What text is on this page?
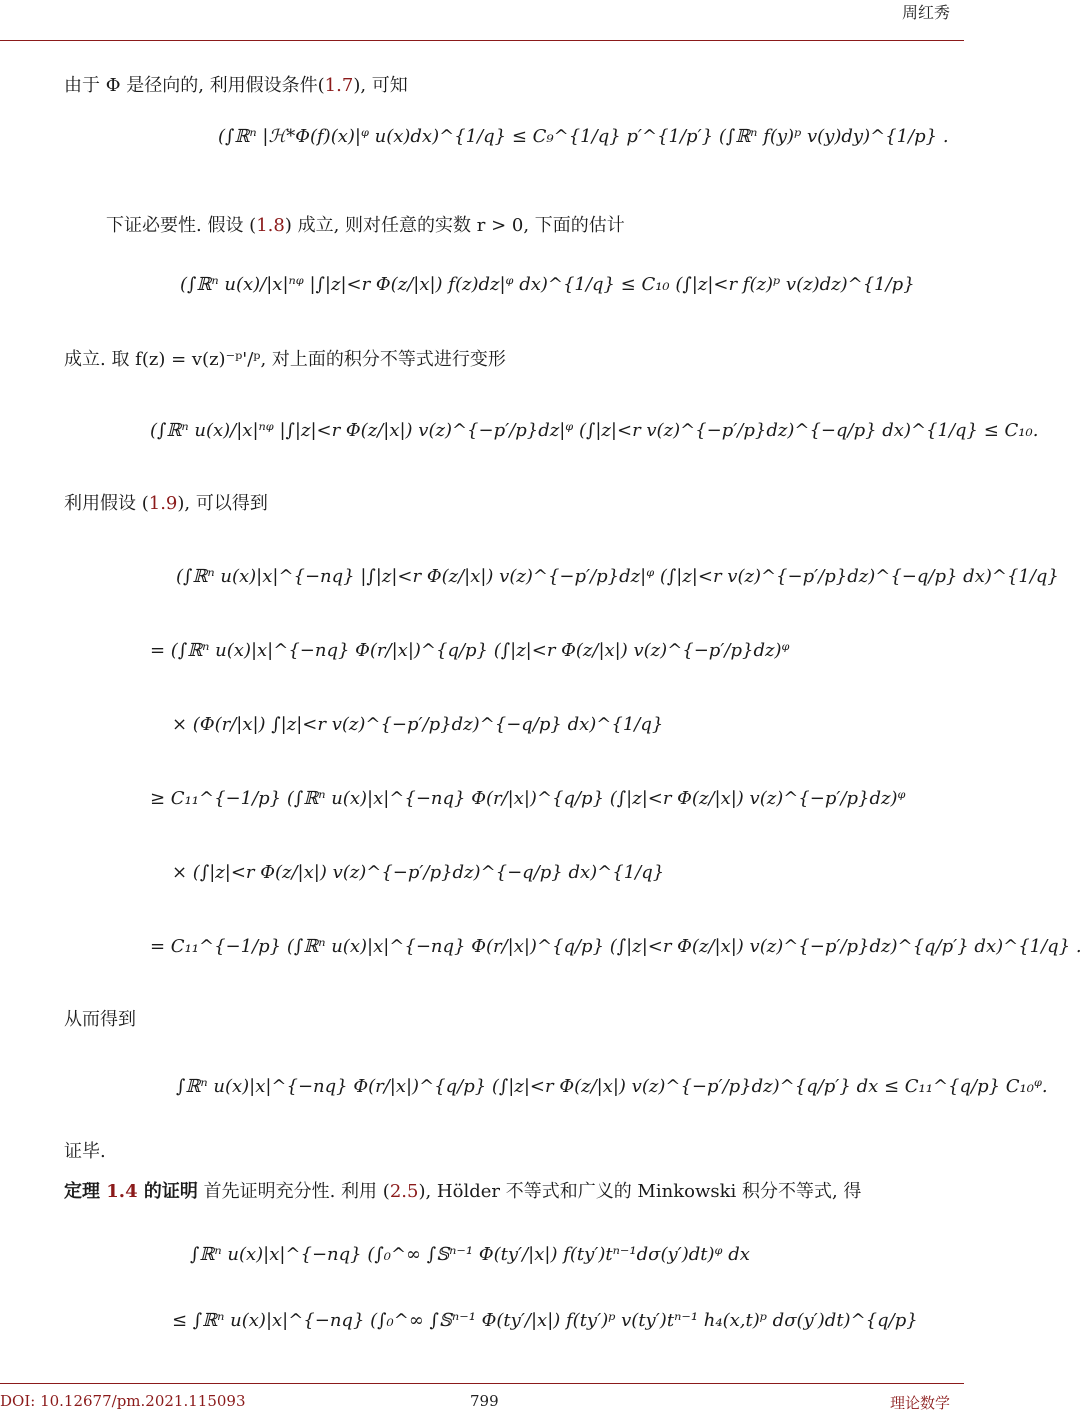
周红秀
由于 Φ 是径向的, 利用假设条件(1.7), 可知
(∫ℝⁿ |ℋ*Φ(f)(x)|ᵠ u(x)dx)^{1/q} ≤ C₉^{1/q} p′^{1/p′} (∫ℝⁿ f(y)ᵖ v(y)dy)^{1/p} .
下证必要性. 假设 (1.8) 成立, 则对任意的实数 r > 0, 下面的估计
(∫ℝⁿ u(x)/|x|ⁿᵠ |∫|z|<r Φ(z/|x|) f(z)dz|ᵠ dx)^{1/q} ≤ C₁₀ (∫|z|<r f(z)ᵖ v(z)dz)^{1/p}
成立. 取 f(z) = v(z)⁻ᵖ'/ᵖ, 对上面的积分不等式进行变形
(∫ℝⁿ u(x)/|x|ⁿᵠ |∫|z|<r Φ(z/|x|) v(z)^{−p′/p}dz|ᵠ (∫|z|<r v(z)^{−p′/p}dz)^{−q/p} dx)^{1/q} ≤ C₁₀.
利用假设 (1.9), 可以得到
(∫ℝⁿ u(x)|x|^{−nq} |∫|z|<r Φ(z/|x|) v(z)^{−p′/p}dz|ᵠ (∫|z|<r v(z)^{−p′/p}dz)^{−q/p} dx)^{1/q}
= (∫ℝⁿ u(x)|x|^{−nq} Φ(r/|x|)^{q/p} (∫|z|<r Φ(z/|x|) v(z)^{−p′/p}dz)ᵠ
× (Φ(r/|x|) ∫|z|<r v(z)^{−p′/p}dz)^{−q/p} dx)^{1/q}
≥ C₁₁^{−1/p} (∫ℝⁿ u(x)|x|^{−nq} Φ(r/|x|)^{q/p} (∫|z|<r Φ(z/|x|) v(z)^{−p′/p}dz)ᵠ
× (∫|z|<r Φ(z/|x|) v(z)^{−p′/p}dz)^{−q/p} dx)^{1/q}
= C₁₁^{−1/p} (∫ℝⁿ u(x)|x|^{−nq} Φ(r/|x|)^{q/p} (∫|z|<r Φ(z/|x|) v(z)^{−p′/p}dz)^{q/p′} dx)^{1/q} .
从而得到
∫ℝⁿ u(x)|x|^{−nq} Φ(r/|x|)^{q/p} (∫|z|<r Φ(z/|x|) v(z)^{−p′/p}dz)^{q/p′} dx ≤ C₁₁^{q/p} C₁₀ᵠ.
证毕.
定理 1.4 的证明 首先证明充分性. 利用 (2.5), Hölder 不等式和广义的 Minkowski 积分不等式, 得
∫ℝⁿ u(x)|x|^{−nq} (∫₀^∞ ∫𝕊ⁿ⁻¹ Φ(ty′/|x|) f(ty′)tⁿ⁻¹dσ(y′)dt)ᵠ dx
≤ ∫ℝⁿ u(x)|x|^{−nq} (∫₀^∞ ∫𝕊ⁿ⁻¹ Φ(ty′/|x|) f(ty′)ᵖ v(ty′)tⁿ⁻¹ h₄(x,t)ᵖ dσ(y′)dt)^{q/p}
DOI: 10.12677/pm.2021.115093	799	理论数学
